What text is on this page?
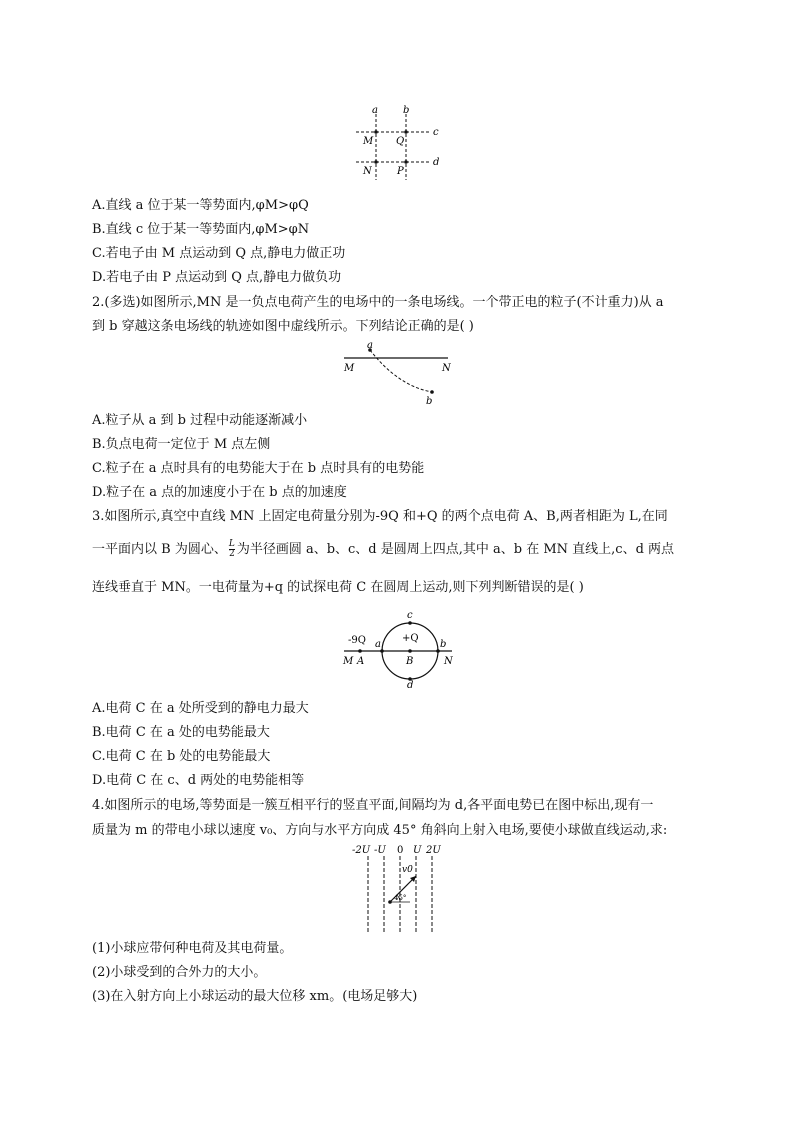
a	b
c
d
M Q
N	P
A.直线 a 位于某一等势面内,φM>φQ
B.直线 c 位于某一等势面内,φM>φN
C.若电子由 M 点运动到 Q 点,静电力做正功
D.若电子由 P 点运动到 Q 点,静电力做负功
2.(多选)如图所示,MN 是一负点电荷产生的电场中的一条电场线。一个带正电的粒子(不计重力)从 a
到 b 穿越这条电场线的轨迹如图中虚线所示。下列结论正确的是( )
a
b
M	N
A.粒子从 a 到 b 过程中动能逐渐减小
B.负点电荷一定位于 M 点左侧
C.粒子在 a 点时具有的电势能大于在 b 点时具有的电势能
D.粒子在 a 点的加速度小于在 b 点的加速度
3.如图所示,真空中直线 MN 上固定电荷量分别为-9Q 和+Q 的两个点电荷 A、B,两者相距为 L,在同
一平面内以 B 为圆心、 $\frac{L}{2}$ 为半径画圆 a、b、c、d 是圆周上四点,其中 a、b 在 MN 直线上,c、d 两点
连线垂直于 MN。一电荷量为+q 的试探电荷 C 在圆周上运动,则下列判断错误的是( )
-9Q	+Q
M A
a
B
b
N
c
d
A.电荷 C 在 a 处所受到的静电力最大
B.电荷 C 在 a 处的电势能最大
C.电荷 C 在 b 处的电势能最大
D.电荷 C 在 c、d 两处的电势能相等
4.如图所示的电场,等势面是一簇互相平行的竖直平面,间隔均为 d,各平面电势已在图中标出,现有一
质量为 m 的带电小球以速度 v₀、方向与水平方向成 45° 角斜向上射入电场,要使小球做直线运动,求:
-2U -U 0 U 2U
v0
45°
(1)小球应带何种电荷及其电荷量。
(2)小球受到的合外力的大小。
(3)在入射方向上小球运动的最大位移 xm。(电场足够大)
